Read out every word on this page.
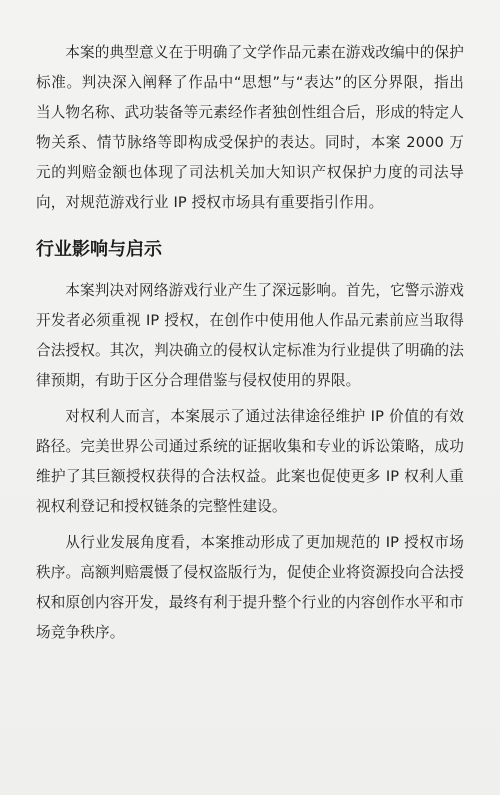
本案的典型意义在于明确了文学作品元素在游戏改编中的保护标准。判决深入阐释了作品中“思想”与“表达”的区分界限，指出当人物名称、武功装备等元素经作者独创性组合后，形成的特定人物关系、情节脉络等即构成受保护的表达。同时，本案 2000 万元的判赔金额也体现了司法机关加大知识产权保护力度的司法导向，对规范游戏行业 IP 授权市场具有重要指引作用。

行业影响与启示

本案判决对网络游戏行业产生了深远影响。首先，它警示游戏开发者必须重视 IP 授权，在创作中使用他人作品元素前应当取得合法授权。其次，判决确立的侵权认定标准为行业提供了明确的法律预期，有助于区分合理借鉴与侵权使用的界限。

对权利人而言，本案展示了通过法律途径维护 IP 价值的有效路径。完美世界公司通过系统的证据收集和专业的诉讼策略，成功维护了其巨额授权获得的合法权益。此案也促使更多 IP 权利人重视权利登记和授权链条的完整性建设。

从行业发展角度看，本案推动形成了更加规范的 IP 授权市场秩序。高额判赔震慑了侵权盗版行为，促使企业将资源投向合法授权和原创内容开发，最终有利于提升整个行业的内容创作水平和市场竞争秩序。
